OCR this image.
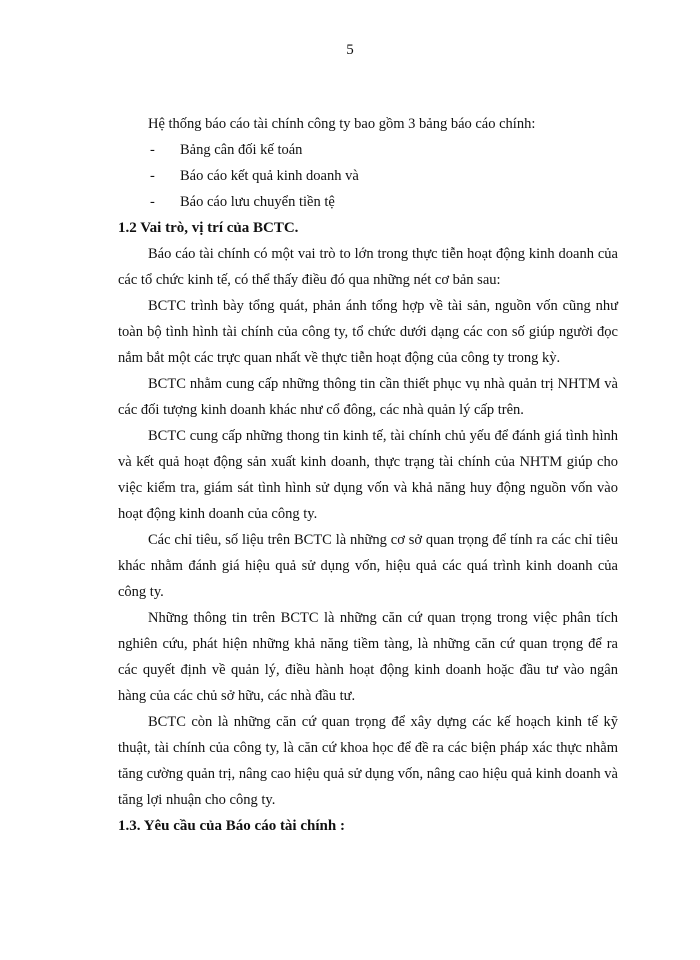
5

Hệ thống báo cáo tài chính công ty bao gồm 3 bảng báo cáo chính:

- Bảng cân đối kế toán
- Báo cáo kết quả kinh doanh và
- Báo cáo lưu chuyển tiền tệ
1.2 Vai trò, vị trí của BCTC.

Báo cáo tài chính có một vai trò to lớn trong thực tiễn hoạt động kinh doanh của các tổ chức kinh tế, có thể thấy điều đó qua những nét cơ bản sau:

BCTC trình bày tổng quát, phản ánh tổng hợp về tài sản, nguồn vốn cũng như toàn bộ tình hình tài chính của công ty, tổ chức dưới dạng các con số giúp người đọc nắm bắt một các trực quan nhất về thực tiễn hoạt động của công ty trong kỳ.

BCTC nhằm cung cấp những thông tin cần thiết phục vụ nhà quản trị NHTM và các đối tượng kinh doanh khác như cổ đông, các nhà quản lý cấp trên.

BCTC cung cấp những thong tin kinh tế, tài chính chủ yếu để đánh giá tình hình và kết quả hoạt động sản xuất kinh doanh, thực trạng tài chính của NHTM giúp cho việc kiểm tra, giám sát tình hình sử dụng vốn và khả năng huy động nguồn vốn vào hoạt động kinh doanh của công ty.

Các chỉ tiêu, số liệu trên BCTC là những cơ sở quan trọng để tính ra các chỉ tiêu khác nhằm đánh giá hiệu quả sử dụng vốn, hiệu quả các quá trình kinh doanh của công ty.

Những thông tin trên BCTC là những căn cứ quan trọng trong việc phân tích nghiên cứu, phát hiện những khả năng tiềm tàng, là những căn cứ quan trọng để ra các quyết định về quản lý, điều hành hoạt động kinh doanh hoặc đầu tư vào ngân hàng của các chủ sở hữu, các nhà đầu tư.

BCTC còn là những căn cứ quan trọng để xây dựng các kế hoạch kinh tế kỹ thuật, tài chính của công ty, là căn cứ khoa học để đề ra các biện pháp xác thực nhằm tăng cường quản trị, nâng cao hiệu quả sử dụng vốn, nâng cao hiệu quả kinh doanh và tăng lợi nhuận cho công ty.

1.3. Yêu cầu của Báo cáo tài chính :
